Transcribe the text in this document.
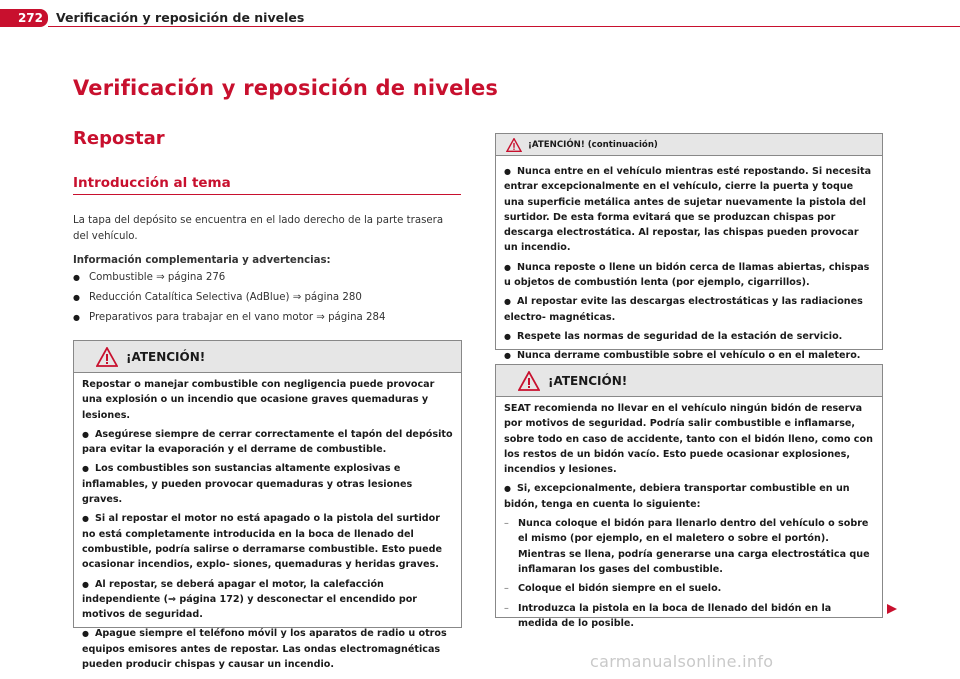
272	Verificación y reposición de niveles
Verificación y reposición de niveles
Repostar
Introducción al tema

La tapa del depósito se encuentra en el lado derecho de la parte trasera del vehículo.

Información complementaria y advertencias:

● Combustible ⇒ página 276
● Reducción Catalítica Selectiva (AdBlue) ⇒ página 280
● Preparativos para trabajar en el vano motor ⇒ página 284
¡ATENCIÓN!

Repostar o manejar combustible con negligencia puede provocar una explosión o un incendio que ocasione graves quemaduras y lesiones.

● Asegúrese siempre de cerrar correctamente el tapón del depósito para evitar la evaporación y el derrame de combustible.

● Los combustibles son sustancias altamente explosivas e inflamables, y pueden provocar quemaduras y otras lesiones graves.

● Si al repostar el motor no está apagado o la pistola del surtidor no está completamente introducida en la boca de llenado del combustible, podría salirse o derramarse combustible. Esto puede ocasionar incendios, explo- siones, quemaduras y heridas graves.

● Al repostar, se deberá apagar el motor, la calefacción independiente (⇒ página 172) y desconectar el encendido por motivos de seguridad.

● Apague siempre el teléfono móvil y los aparatos de radio u otros equipos emisores antes de repostar. Las ondas electromagnéticas pueden producir chispas y causar un incendio.

¡ATENCIÓN! (continuación)

● Nunca entre en el vehículo mientras esté repostando. Si necesita entrar excepcionalmente en el vehículo, cierre la puerta y toque una superficie metálica antes de sujetar nuevamente la pistola del surtidor. De esta forma evitará que se produzcan chispas por descarga electrostática. Al repostar, las chispas pueden provocar un incendio.

● Nunca reposte o llene un bidón cerca de llamas abiertas, chispas u objetos de combustión lenta (por ejemplo, cigarrillos).

● Al repostar evite las descargas electrostáticas y las radiaciones electro- magnéticas.

● Respete las normas de seguridad de la estación de servicio.

● Nunca derrame combustible sobre el vehículo o en el maletero.

¡ATENCIÓN!

SEAT recomienda no llevar en el vehículo ningún bidón de reserva por motivos de seguridad. Podría salir combustible e inflamarse, sobre todo en caso de accidente, tanto con el bidón lleno, como con los restos de un bidón vacío. Esto puede ocasionar explosiones, incendios y lesiones.

● Si, excepcionalmente, debiera transportar combustible en un bidón, tenga en cuenta lo siguiente:

– Nunca coloque el bidón para llenarlo dentro del vehículo o sobre el mismo (por ejemplo, en el maletero o sobre el portón). Mientras se llena, podría generarse una carga electrostática que inflamaran los gases del combustible.

– Coloque el bidón siempre en el suelo.

– Introduzca la pistola en la boca de llenado del bidón en la medida de lo posible.

carmanualsonline.info
